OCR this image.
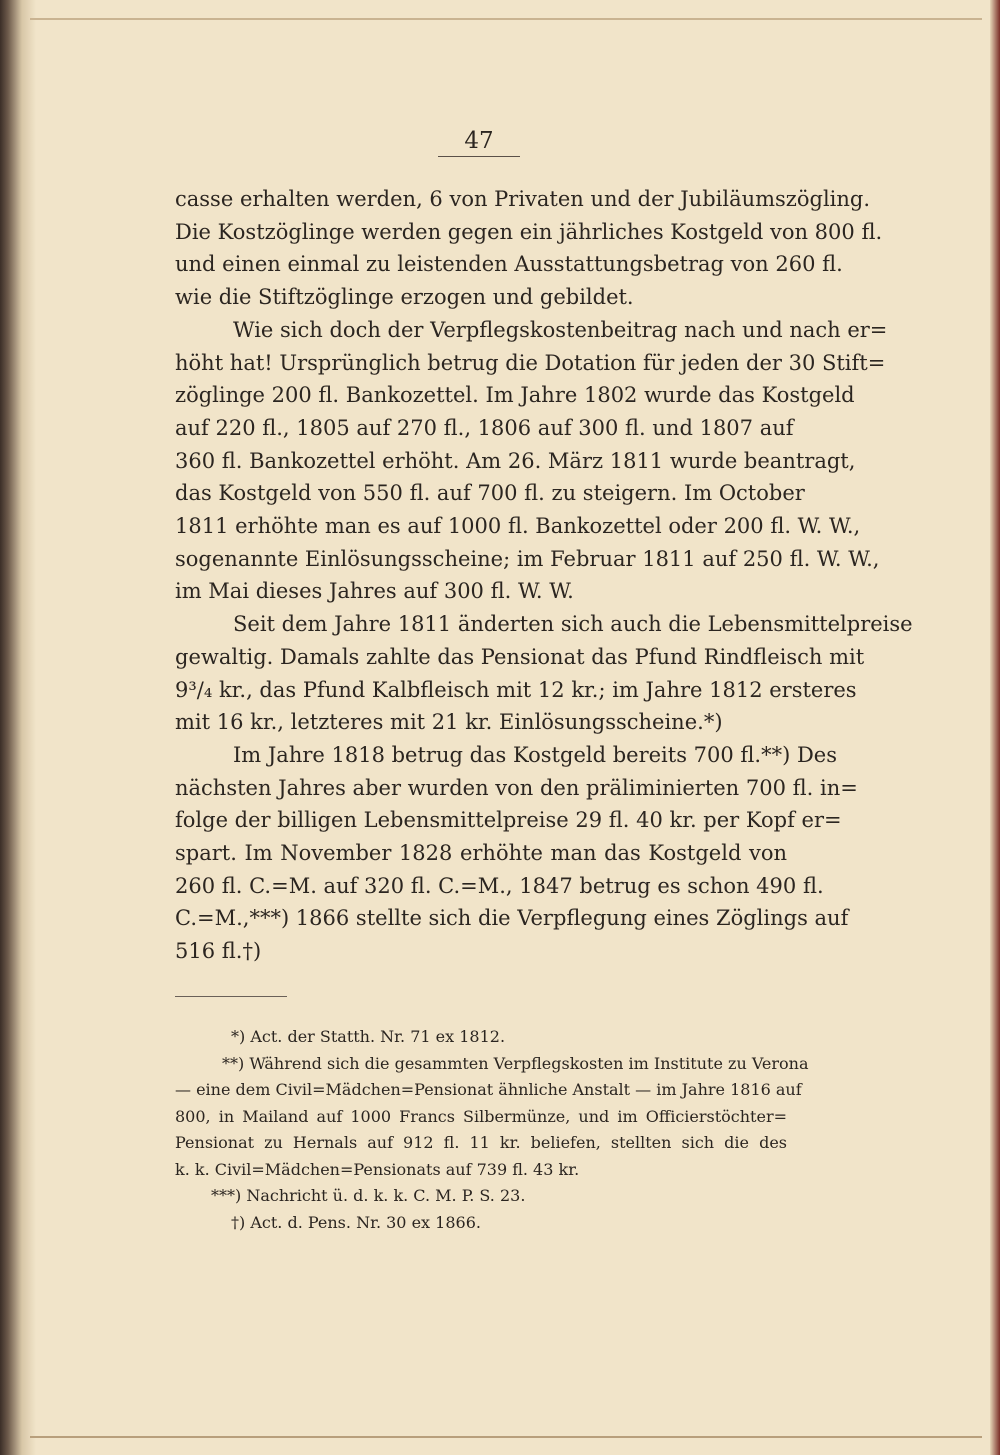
47
casse erhalten werden, 6 von Privaten und der Jubiläumszögling.
Die Kostzöglinge werden gegen ein jährliches Kostgeld von 800 fl.
und einen einmal zu leistenden Ausstattungsbetrag von 260 fl.
wie die Stiftzöglinge erzogen und gebildet.
Wie sich doch der Verpflegskostenbeitrag nach und nach er=
höht hat! Ursprünglich betrug die Dotation für jeden der 30 Stift=
zöglinge 200 fl. Bankozettel. Im Jahre 1802 wurde das Kostgeld
auf 220 fl., 1805 auf 270 fl., 1806 auf 300 fl. und 1807 auf
360 fl. Bankozettel erhöht. Am 26. März 1811 wurde beantragt,
das Kostgeld von 550 fl. auf 700 fl. zu steigern. Im October
1811 erhöhte man es auf 1000 fl. Bankozettel oder 200 fl. W. W.,
sogenannte Einlösungsscheine; im Februar 1811 auf 250 fl. W. W.,
im Mai dieses Jahres auf 300 fl. W. W.
Seit dem Jahre 1811 änderten sich auch die Lebensmittelpreise
gewaltig. Damals zahlte das Pensionat das Pfund Rindfleisch mit
9³/₄ kr., das Pfund Kalbfleisch mit 12 kr.; im Jahre 1812 ersteres
mit 16 kr., letzteres mit 21 kr. Einlösungsscheine.*)
Im Jahre 1818 betrug das Kostgeld bereits 700 fl.**) Des
nächsten Jahres aber wurden von den präliminierten 700 fl. in=
folge der billigen Lebensmittelpreise 29 fl. 40 kr. per Kopf er=
spart. Im November 1828 erhöhte man das Kostgeld von
260 fl. C.=M. auf 320 fl. C.=M., 1847 betrug es schon 490 fl.
C.=M.,***) 1866 stellte sich die Verpflegung eines Zöglings auf
516 fl.†)
*) Act. der Statth. Nr. 71 ex 1812.
**) Während sich die gesammten Verpflegskosten im Institute zu Verona
— eine dem Civil=Mädchen=Pensionat ähnliche Anstalt — im Jahre 1816 auf
800, in Mailand auf 1000 Francs Silbermünze, und im Officierstöchter=
Pensionat zu Hernals auf 912 fl. 11 kr. beliefen, stellten sich die des
k. k. Civil=Mädchen=Pensionats auf 739 fl. 43 kr.
***) Nachricht ü. d. k. k. C. M. P. S. 23.
†) Act. d. Pens. Nr. 30 ex 1866.
